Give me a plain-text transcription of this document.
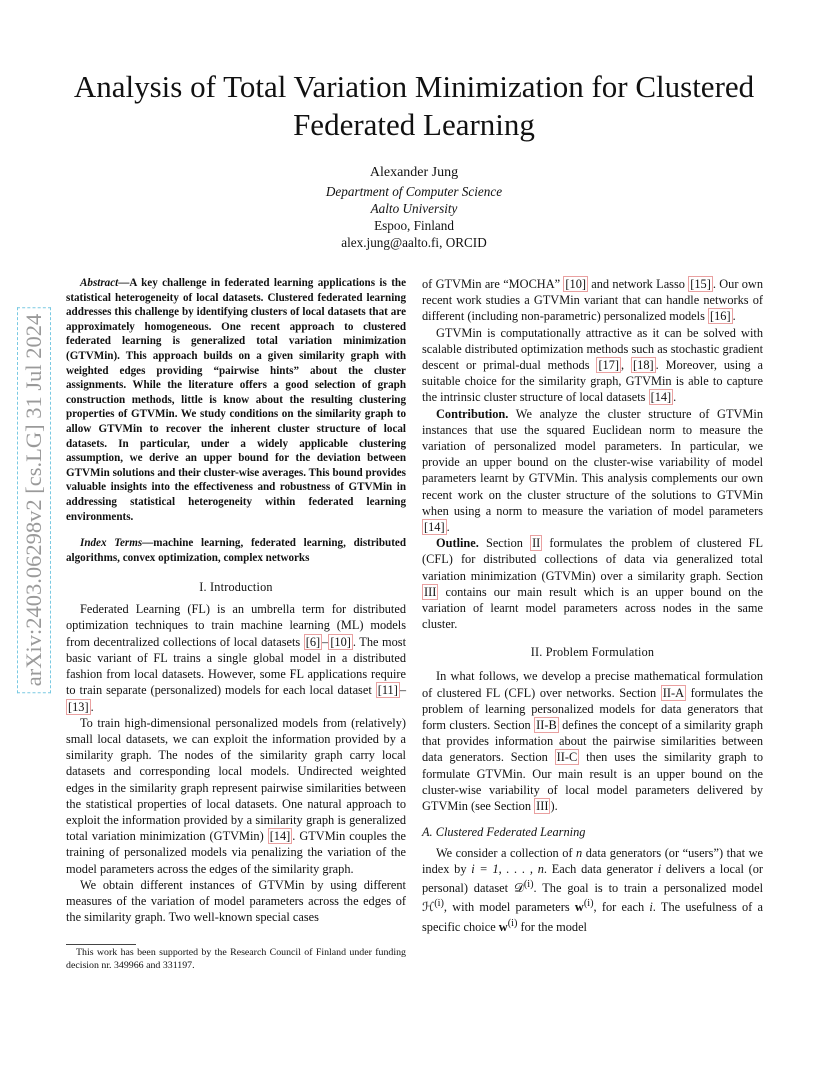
arXiv:2403.06298v2 [cs.LG] 31 Jul 2024
Analysis of Total Variation Minimization for Clustered Federated Learning
Alexander Jung
Department of Computer Science
Aalto University
Espoo, Finland
alex.jung@aalto.fi, ORCID

Abstract—A key challenge in federated learning applications is the statistical heterogeneity of local datasets. Clustered federated learning addresses this challenge by identifying clusters of local datasets that are approximately homogeneous. One recent approach to clustered federated learning is generalized total variation minimization (GTVMin). This approach builds on a given similarity graph with weighted edges providing “pairwise hints” about the cluster assignments. While the literature offers a good selection of graph construction methods, little is know about the resulting clustering properties of GTVMin. We study conditions on the similarity graph to allow GTVMin to recover the inherent cluster structure of local datasets. In particular, under a widely applicable clustering assumption, we derive an upper bound for the deviation between GTVMin solutions and their cluster-wise averages. This bound provides valuable insights into the effectiveness and robustness of GTVMin in addressing statistical heterogeneity within federated learning environments.

Index Terms—machine learning, federated learning, distributed algorithms, convex optimization, complex networks

I. Introduction

Federated Learning (FL) is an umbrella term for distributed optimization techniques to train machine learning (ML) models from decentralized collections of local datasets [6] – [10] . The most basic variant of FL trains a single global model in a distributed fashion from local datasets. However, some FL applications require to train separate (personalized) models for each local dataset [11] –[13] .

To train high-dimensional personalized models from (relatively) small local datasets, we can exploit the information provided by a similarity graph. The nodes of the similarity graph carry local datasets and corresponding local models. Undirected weighted edges in the similarity graph represent pairwise similarities between the statistical properties of local datasets. One natural approach to exploit the information provided by a similarity graph is generalized total variation minimization (GTVMin) [14] . GTVMin couples the training of personalized models via penalizing the variation of the model parameters across the edges of the similarity graph.

We obtain different instances of GTVMin by using different measures of the variation of model parameters across the edges of the similarity graph. Two well-known special cases

This work has been supported by the Research Council of Finland under funding decision nr. 349966 and 331197.

of GTVMin are “MOCHA” [10] and network Lasso [15] . Our own recent work studies a GTVMin variant that can handle networks of different (including non-parametric) personalized models [16] .

GTVMin is computationally attractive as it can be solved with scalable distributed optimization methods such as stochastic gradient descent or primal-dual methods [17] , [18] . Moreover, using a suitable choice for the similarity graph, GTVMin is able to capture the intrinsic cluster structure of local datasets [14] .

Contribution. We analyze the cluster structure of GTVMin instances that use the squared Euclidean norm to measure the variation of personalized model parameters. In particular, we provide an upper bound on the cluster-wise variability of model parameters learnt by GTVMin. This analysis complements our own recent work on the cluster structure of the solutions to GTVMin when using a norm to measure the variation of model parameters [14] .

Outline. Section II formulates the problem of clustered FL (CFL) for distributed collections of data via generalized total variation minimization (GTVMin) over a similarity graph. Section III contains our main result which is an upper bound on the variation of learnt model parameters across nodes in the same cluster.

II. Problem Formulation

In what follows, we develop a precise mathematical formulation of clustered FL (CFL) over networks. Section II-A formulates the problem of learning personalized models for data generators that form clusters. Section II-B defines the concept of a similarity graph that provides information about the pairwise similarities between data generators. Section II-C then uses the similarity graph to formulate GTVMin. Our main result is an upper bound on the cluster-wise variability of local model parameters delivered by GTVMin (see Section III ).

A. Clustered Federated Learning

We consider a collection of n data generators (or “users”) that we index by i = 1, . . . , n. Each data generator i delivers a local (or personal) dataset 𝒟$^{(i)}$. The goal is to train a personalized model ℋ$^{(i)}$, with model parameters $w^{(i)}$, for each i. The usefulness of a specific choice $w^{(i)}$ for the model
